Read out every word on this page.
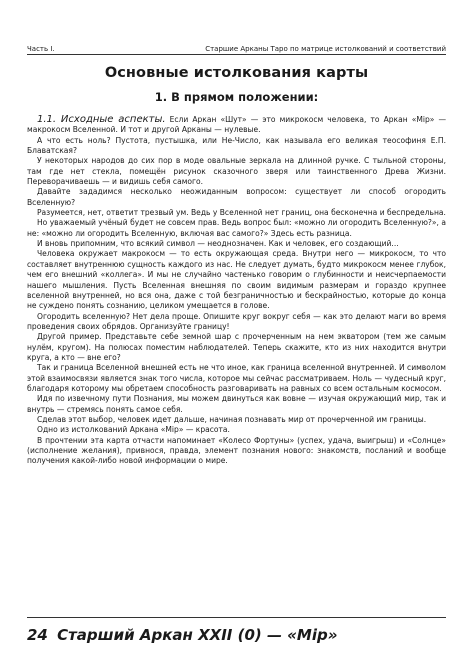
Часть I.	Старшие Арканы Таро по матрице истолкований и соответствий
Основные истолкования карты
1. В прямом положении:

1.1. Исходные аспекты. Если Аркан «Шут» — это микрокосм человека, то Аркан «Mip» — макрокосм Вселенной. И тот и другой Арканы — нулевые.

А что есть ноль? Пустота, пустышка, или Не-Число, как называла его великая теософиня Е.П. Блаватская?

У некоторых народов до сих пор в моде овальные зеркала на длинной ручке. С тыльной стороны, там где нет стекла, помещён рисунок сказочного зверя или таинственного Древа Жизни. Переворачиваешь — и видишь себя самого.

Давайте зададимся несколько неожиданным вопросом: существует ли способ огородить Вселенную?

Разумеется, нет, ответит трезвый ум. Ведь у Вселенной нет границ, она бесконечна и беспредельна.

Но уважаемый учёный будет не совсем прав. Ведь вопрос был: «можно ли огородить Вселенную?», а не: «можно ли огородить Вселенную, включая вас самого?» Здесь есть разница.

И вновь припомним, что всякий символ — неоднозначен. Как и человек, его создающий...

Человека окружает макрокосм — то есть окружающая среда. Внутри него — микрокосм, то что составляет внутреннюю сущность каждого из нас. Не следует думать, будто микрокосм менее глубок, чем его внешний «коллега». И мы не случайно частенько говорим о глубинности и неисчерпаемости нашего мышления. Пусть Вселенная внешняя по своим видимым размерам и гораздо крупнее вселенной внутренней, но вся она, даже с той безграничностью и бескрайностью, которые до конца не суждено понять сознанию, целиком умещается в голове.

Огородить вселенную? Нет дела проще. Опишите круг вокруг себя — как это делают маги во время проведения своих обрядов. Организуйте границу!

Другой пример. Представьте себе земной шар с прочерченным на нем экватором (тем же самым нулём, кругом). На полюсах поместим наблюдателей. Теперь скажите, кто из них находится внутри круга, а кто — вне его?

Так и граница Вселенной внешней есть не что иное, как граница вселенной внутренней. И символом этой взаимосвязи является знак того числа, которое мы сейчас рассматриваем. Ноль — чудесный круг, благодаря которому мы обретаем способность разговаривать на равных со всем остальным космосом.

Идя по извечному пути Познания, мы можем двинуться как вовне — изучая окружающий мир, так и внутрь — стремясь понять самое себя.

Сделав этот выбор, человек идет дальше, начиная познавать мир от прочерченной им границы.

Одно из истолкований Аркана «Mip» — красота.

В прочтении эта карта отчасти напоминает «Колесо Фортуны» (успех, удача, выигрыш) и «Солнце» (исполнение желания), привнося, правда, элемент познания нового: знакомств, посланий и вообще получения какой-либо новой информации о мире.

24 Старший Аркан XXII (0) — «Mip»
